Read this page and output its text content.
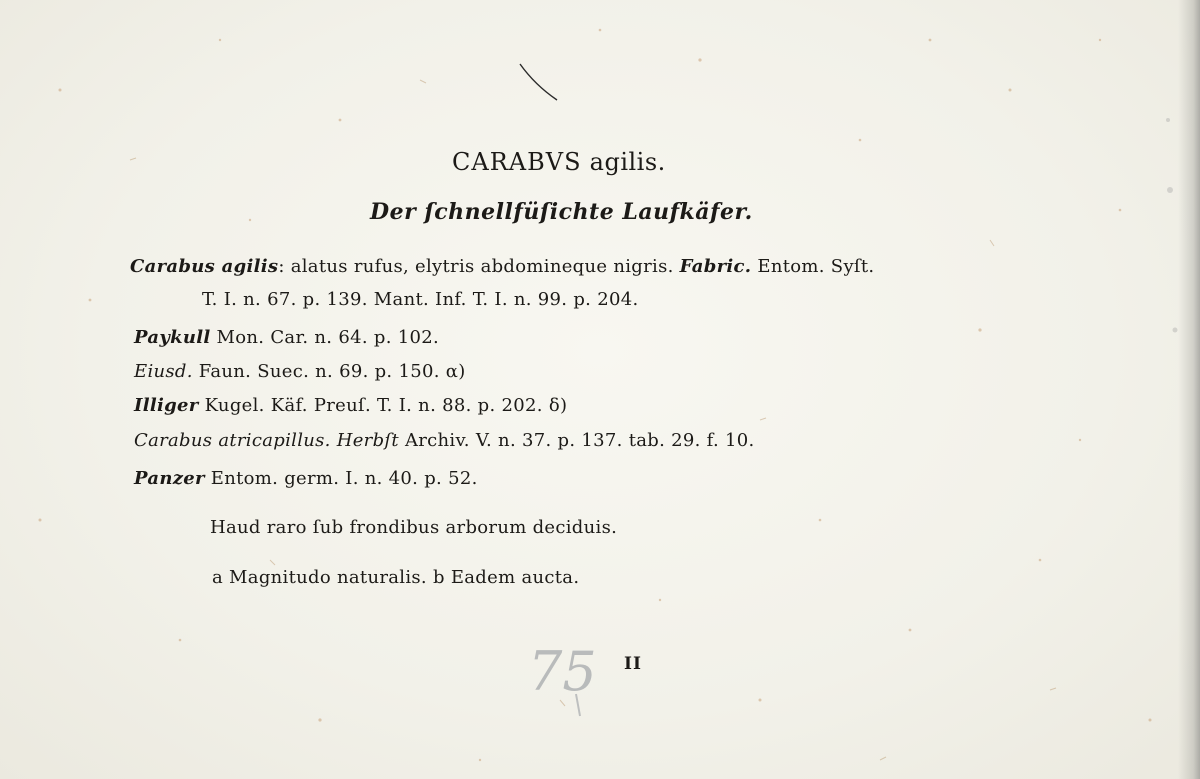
CARABVS agilis.
Der ſchnellfüſichte Laufkäfer.
Carabus agilis: alatus rufus, elytris abdomineque nigris. Fabric. Entom. Syſt.
T. I. n. 67. p. 139. Mant. Inf. T. I. n. 99. p. 204.
Paykull Mon. Car. n. 64. p. 102.
Eiusd. Faun. Suec. n. 69. p. 150. α)
Illiger Kugel. Käf. Preuſ. T. I. n. 88. p. 202. δ)
Carabus atricapillus. Herbſt Archiv. V. n. 37. p. 137. tab. 29. f. 10.
Panzer Entom. germ. I. n. 40. p. 52.
Haud raro ſub frondibus arborum deciduis.
a Magnitudo naturalis. b Eadem aucta.
75 II
